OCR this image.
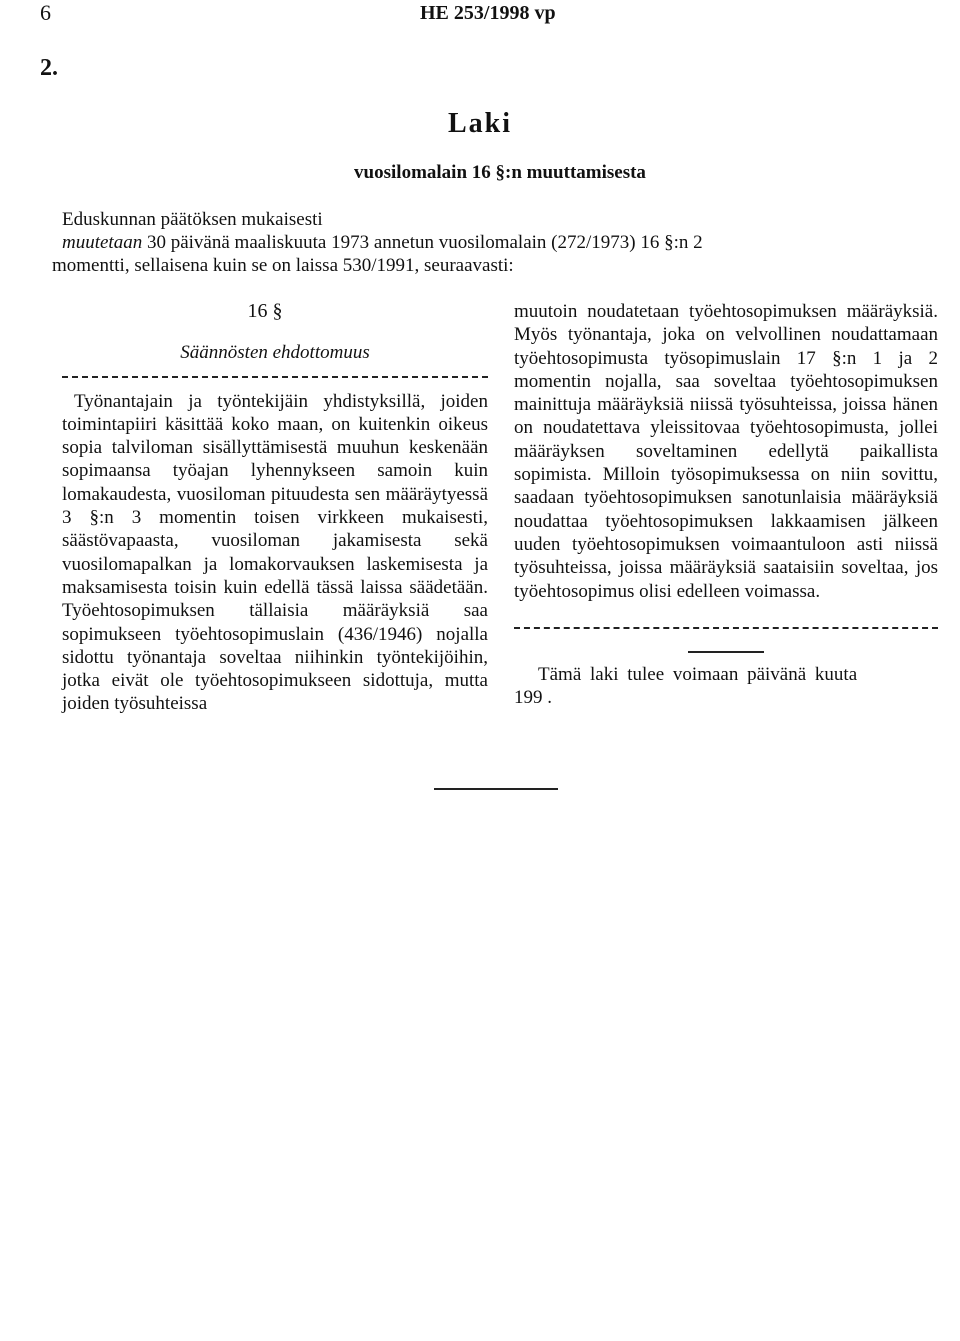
6	HE 253/1998 vp
2.
Laki
vuosilomalain 16 §:n muuttamisesta

Eduskunnan päätöksen mukaisesti

muutetaan 30 päivänä maaliskuuta 1973 annetun vuosilomalain (272/1973) 16 §:n 2

momentti, sellaisena kuin se on laissa 530/1991, seuraavasti:

16 §
Säännösten ehdottomuus

Työnantajain ja työntekijäin yhdistyksillä, joiden toimintapiiri käsittää koko maan, on kuitenkin oikeus sopia talviloman sisällyttämisestä muuhun keskenään sopimaansa työajan lyhennykseen samoin kuin lomakaudesta, vuosiloman pituudesta sen määräytyessä 3 §:n 3 momentin toisen virkkeen mukaisesti, säästövapaasta, vuosiloman jakamisesta sekä vuosilomapalkan ja lomakorvauksen laskemisesta ja maksamisesta toisin kuin edellä tässä laissa säädetään. Työehtosopimuksen tällaisia määräyksiä saa sopimukseen työehtosopimuslain (436/1946) nojalla sidottu työnantaja soveltaa niihinkin työntekijöihin, jotka eivät ole työehtosopimukseen sidottuja, mutta joiden työsuhteissa

muutoin noudatetaan työehtosopimuksen määräyksiä. Myös työnantaja, joka on velvollinen noudattamaan työehtosopimusta työsopimuslain 17 §:n 1 ja 2 momentin nojalla, saa soveltaa työehtosopimuksen mainittuja määräyksiä niissä työsuhteissa, joissa hänen on noudatettava yleissitovaa työehtosopimusta, jollei määräyksen soveltaminen edellytä paikallista sopimista. Milloin työsopimuksessa on niin sovittu, saadaan työehtosopimuksen sanotunlaisia määräyksiä noudattaa työehtosopimuksen lakkaamisen jälkeen uuden työehtosopimuksen voimaantuloon asti niissä työsuhteissa, joissa määräyksiä saataisiin soveltaa, jos työehtosopimus olisi edelleen voimassa.

Tämä laki tulee voimaan päivänä kuuta

199 .
